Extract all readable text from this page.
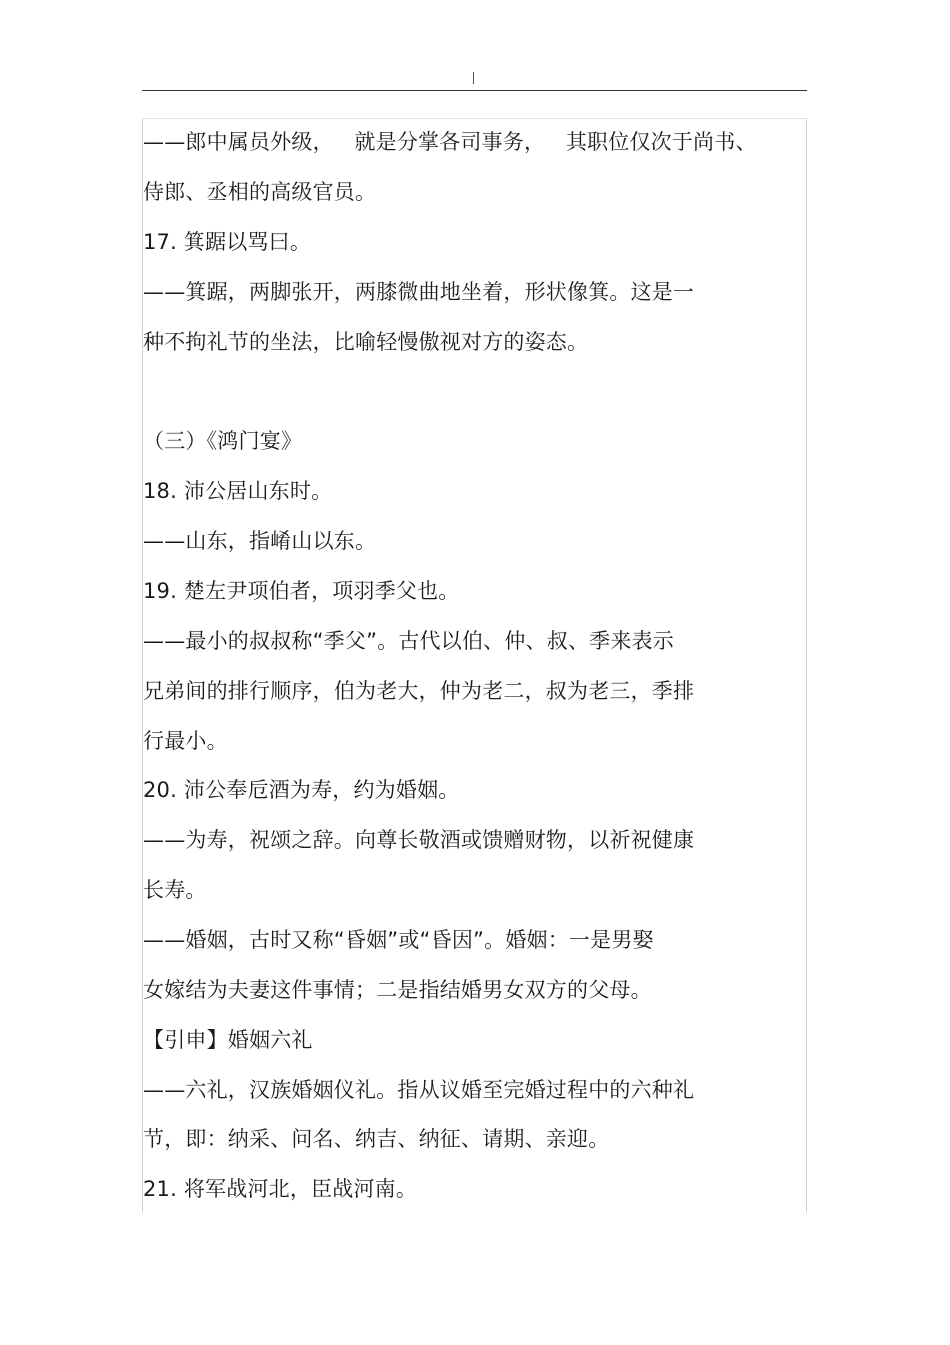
——郎中属员外级，   就是分掌各司事务，   其职位仅次于尚书、
侍郎、丞相的高级官员。
17. 箕踞以骂曰。
——箕踞，两脚张开，两膝微曲地坐着，形状像箕。这是一
种不拘礼节的坐法，比喻轻慢傲视对方的姿态。
（三）《鸿门宴》
18. 沛公居山东时。
——山东，指崤山以东。
19. 楚左尹项伯者，项羽季父也。
——最小的叔叔称“季父”。古代以伯、仲、叔、季来表示
兄弟间的排行顺序，伯为老大，仲为老二，叔为老三，季排
行最小。
20. 沛公奉卮酒为寿，约为婚姻。
——为寿，祝颂之辞。向尊长敬酒或馈赠财物，以祈祝健康
长寿。
——婚姻，古时又称“昏姻”或“昏因”。婚姻：一是男娶
女嫁结为夫妻这件事情；二是指结婚男女双方的父母。
【引申】婚姻六礼
——六礼，汉族婚姻仪礼。指从议婚至完婚过程中的六种礼
节，即：纳采、问名、纳吉、纳征、请期、亲迎。
21. 将军战河北，臣战河南。
